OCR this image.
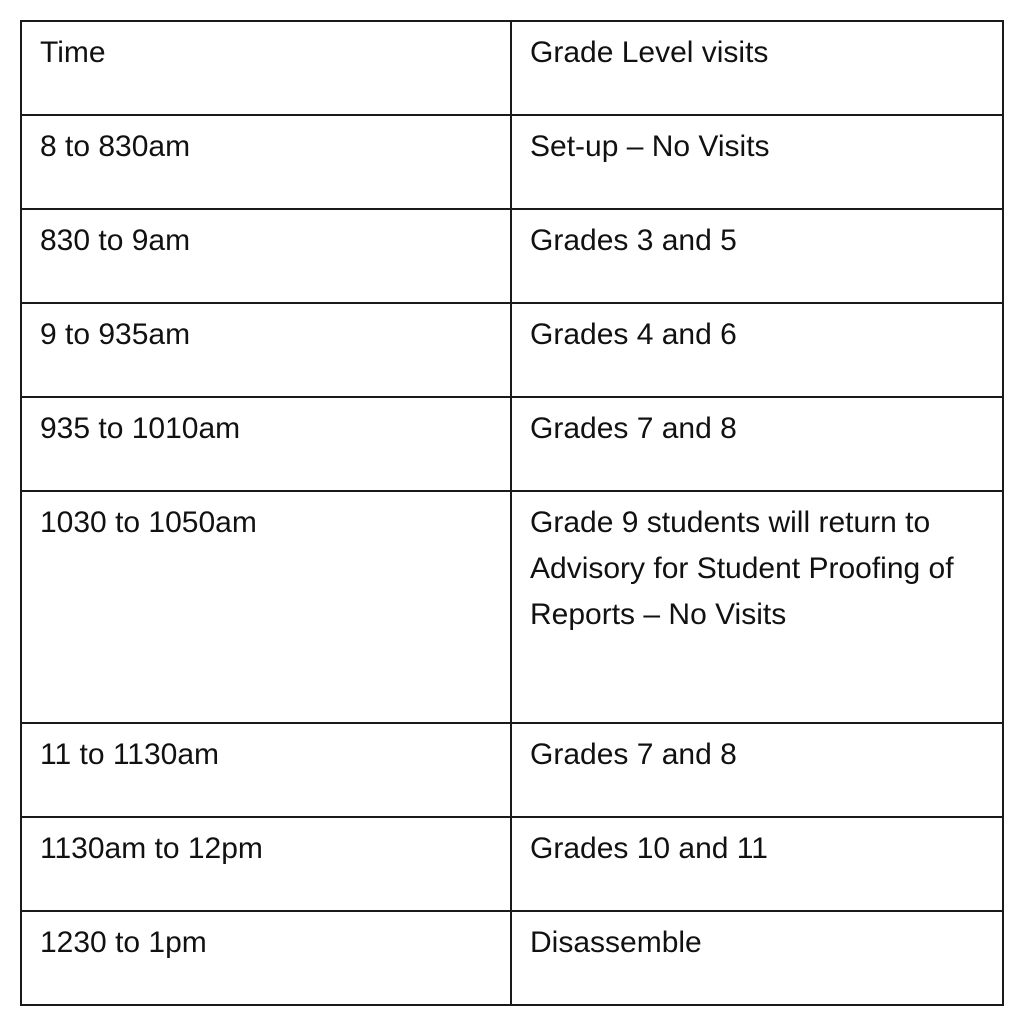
Time	Grade Level visits
8 to 830am	Set-up – No Visits
830 to 9am	Grades 3 and 5
9 to 935am	Grades 4 and 6
935 to 1010am	Grades 7 and 8
1030 to 1050am	Grade 9 students will return to Advisory for Student Proofing of Reports – No Visits
11 to 1130am	Grades 7 and 8
1130am to 12pm	Grades 10 and 11
1230 to 1pm	Disassemble
